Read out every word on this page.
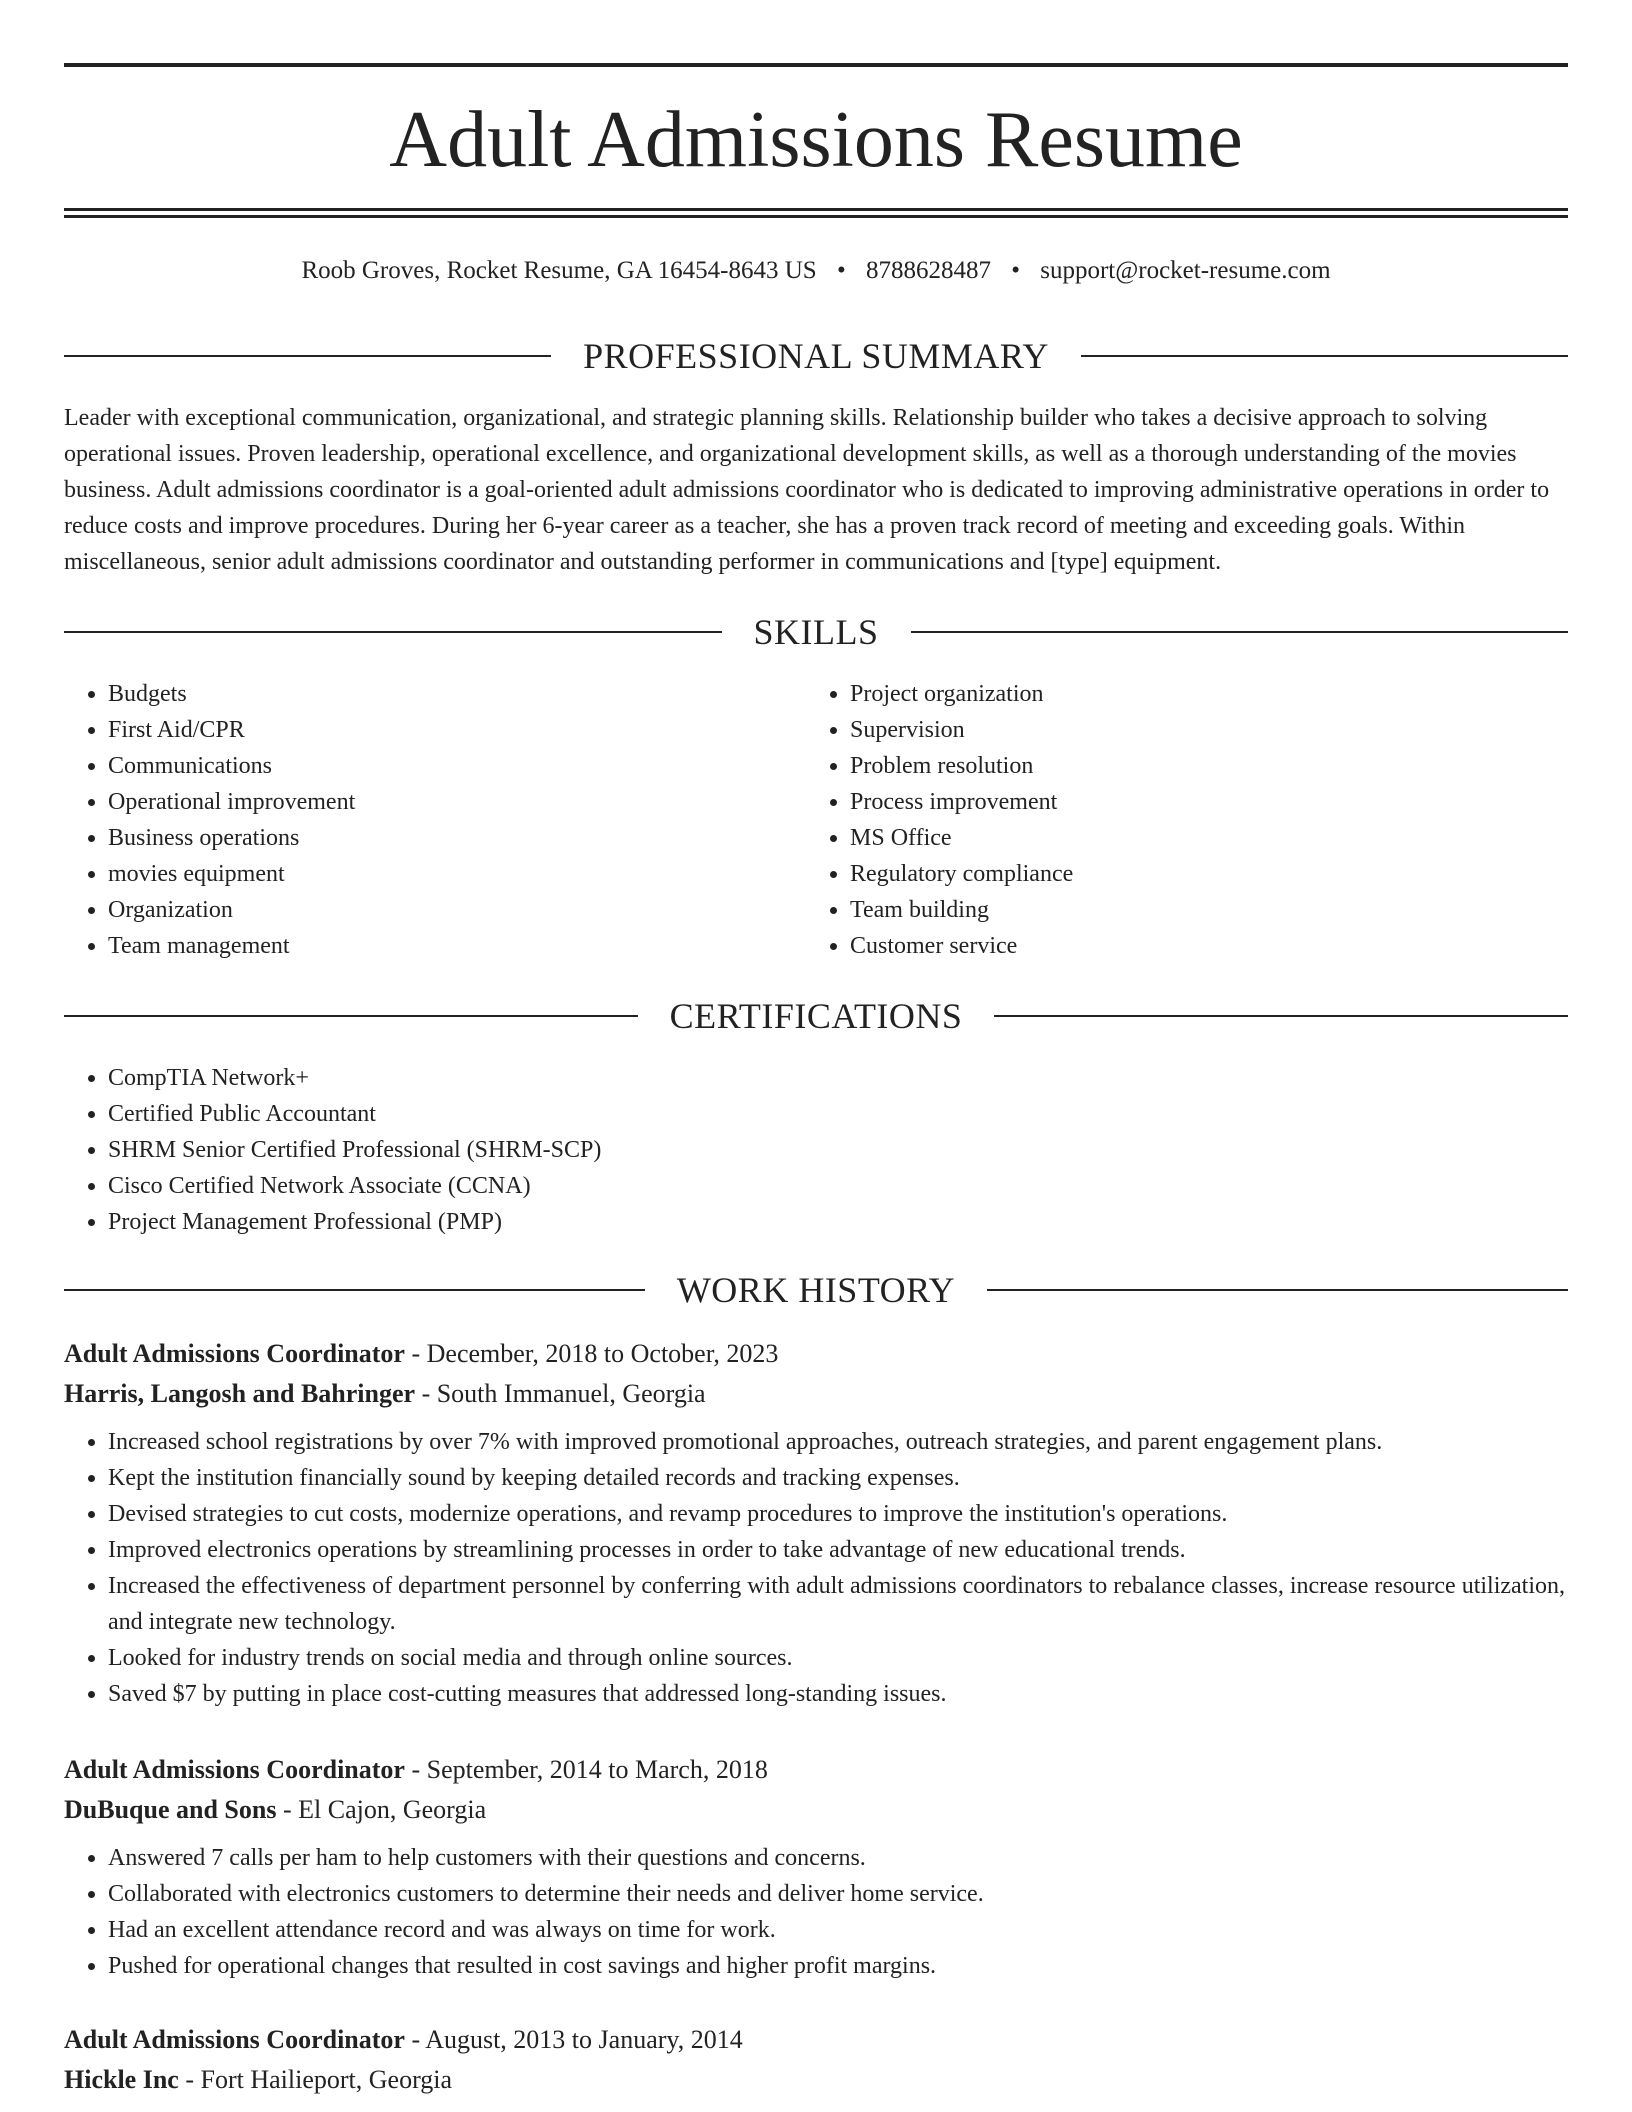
Adult Admissions Resume
Roob Groves, Rocket Resume, GA 16454-8643 US • 8788628487 • support@rocket-resume.com
PROFESSIONAL SUMMARY

Leader with exceptional communication, organizational, and strategic planning skills. Relationship builder who takes a decisive approach to solving operational issues. Proven leadership, operational excellence, and organizational development skills, as well as a thorough understanding of the movies business. Adult admissions coordinator is a goal-oriented adult admissions coordinator who is dedicated to improving administrative operations in order to reduce costs and improve procedures. During her 6-year career as a teacher, she has a proven track record of meeting and exceeding goals. Within miscellaneous, senior adult admissions coordinator and outstanding performer in communications and [type] equipment.

SKILLS
• Budgets
• First Aid/CPR
• Communications
• Operational improvement
• Business operations
• movies equipment
• Organization
• Team management
• Project organization
• Supervision
• Problem resolution
• Process improvement
• MS Office
• Regulatory compliance
• Team building
• Customer service
CERTIFICATIONS
• CompTIA Network+
• Certified Public Accountant
• SHRM Senior Certified Professional (SHRM-SCP)
• Cisco Certified Network Associate (CCNA)
• Project Management Professional (PMP)
WORK HISTORY
Adult Admissions Coordinator - December, 2018 to October, 2023
Harris, Langosh and Bahringer - South Immanuel, Georgia
• Increased school registrations by over 7% with improved promotional approaches, outreach strategies, and parent engagement plans.
• Kept the institution financially sound by keeping detailed records and tracking expenses.
• Devised strategies to cut costs, modernize operations, and revamp procedures to improve the institution's operations.
• Improved electronics operations by streamlining processes in order to take advantage of new educational trends.
• Increased the effectiveness of department personnel by conferring with adult admissions coordinators to rebalance classes, increase resource utilization, and integrate new technology.
• Looked for industry trends on social media and through online sources.
• Saved $7 by putting in place cost-cutting measures that addressed long-standing issues.
Adult Admissions Coordinator - September, 2014 to March, 2018
DuBuque and Sons - El Cajon, Georgia
• Answered 7 calls per ham to help customers with their questions and concerns.
• Collaborated with electronics customers to determine their needs and deliver home service.
• Had an excellent attendance record and was always on time for work.
• Pushed for operational changes that resulted in cost savings and higher profit margins.
Adult Admissions Coordinator - August, 2013 to January, 2014
Hickle Inc - Fort Hailieport, Georgia
